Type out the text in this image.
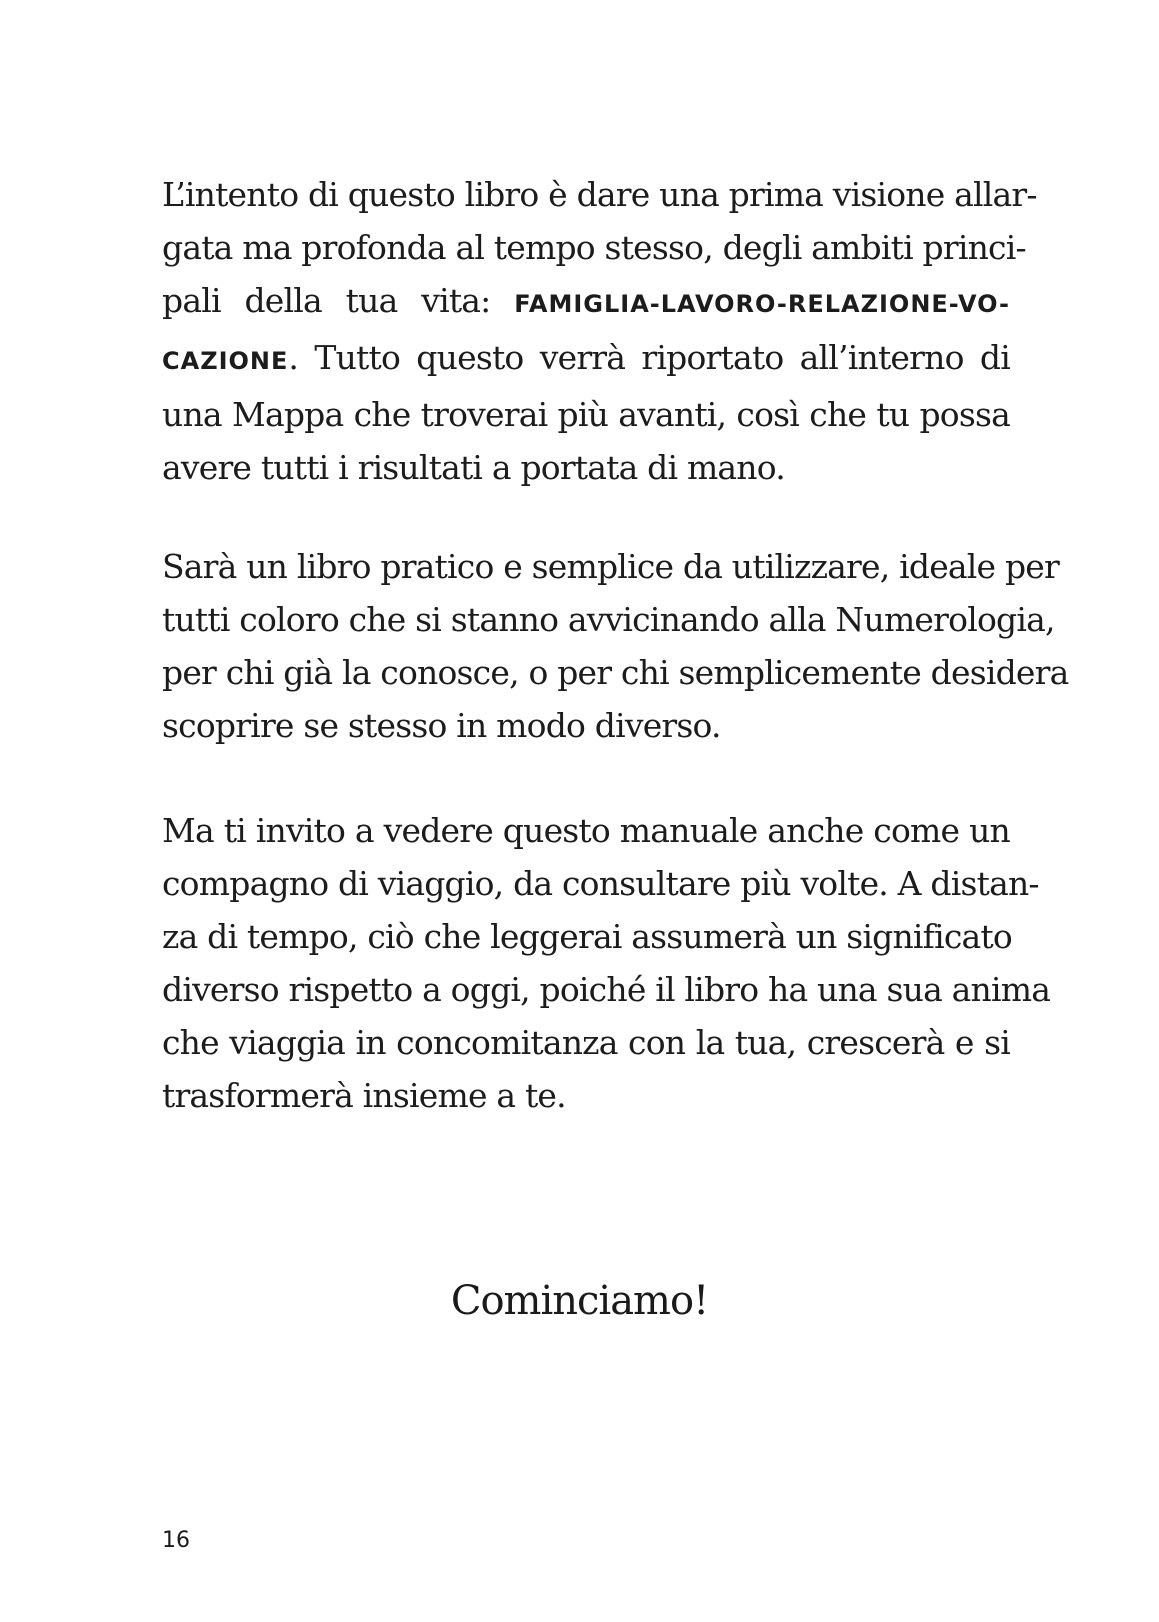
L’intento di questo libro è dare una prima visione allar-
gata ma profonda al tempo stesso, degli ambiti princi-
pali della tua vita: FAMIGLIA-LAVORO-RELAZIONE-VO-
CAZIONE. Tutto questo verrà riportato all’interno di
una Mappa che troverai più avanti, così che tu possa
avere tutti i risultati a portata di mano.
Sarà un libro pratico e semplice da utilizzare, ideale per
tutti coloro che si stanno avvicinando alla Numerologia,
per chi già la conosce, o per chi semplicemente desidera
scoprire se stesso in modo diverso.
Ma ti invito a vedere questo manuale anche come un
compagno di viaggio, da consultare più volte. A distan-
za di tempo, ciò che leggerai assumerà un significato
diverso rispetto a oggi, poiché il libro ha una sua anima
che viaggia in concomitanza con la tua, crescerà e si
trasformerà insieme a te.
Cominciamo!
16
